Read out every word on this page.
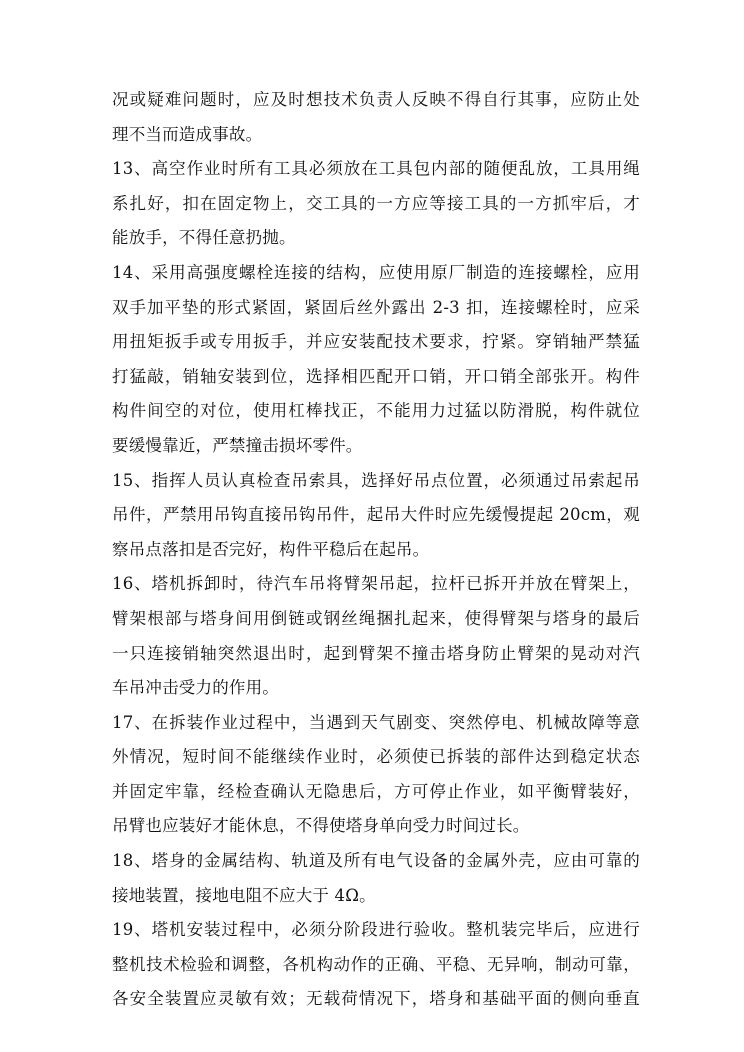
况或疑难问题时，应及时想技术负责人反映不得自行其事，应防止处
理不当而造成事故。
13、高空作业时所有工具必须放在工具包内部的随便乱放，工具用绳
系扎好，扣在固定物上，交工具的一方应等接工具的一方抓牢后，才
能放手，不得任意扔抛。
14、采用高强度螺栓连接的结构，应使用原厂制造的连接螺栓，应用
双手加平垫的形式紧固，紧固后丝外露出 2-3 扣，连接螺栓时，应采
用扭矩扳手或专用扳手，并应安装配技术要求，拧紧。穿销轴严禁猛
打猛敲，销轴安装到位，选择相匹配开口销，开口销全部张开。构件
构件间空的对位，使用杠棒找正，不能用力过猛以防滑脱，构件就位
要缓慢靠近，严禁撞击损坏零件。
15、指挥人员认真检查吊索具，选择好吊点位置，必须通过吊索起吊
吊件，严禁用吊钩直接吊钩吊件，起吊大件时应先缓慢提起 20cm，观
察吊点落扣是否完好，构件平稳后在起吊。
16、塔机拆卸时，待汽车吊将臂架吊起，拉杆已拆开并放在臂架上，
臂架根部与塔身间用倒链或钢丝绳捆扎起来，使得臂架与塔身的最后
一只连接销轴突然退出时，起到臂架不撞击塔身防止臂架的晃动对汽
车吊冲击受力的作用。
17、在拆装作业过程中，当遇到天气剧变、突然停电、机械故障等意
外情况，短时间不能继续作业时，必须使已拆装的部件达到稳定状态
并固定牢靠，经检查确认无隐患后，方可停止作业，如平衡臂装好，
吊臂也应装好才能休息，不得使塔身单向受力时间过长。
18、塔身的金属结构、轨道及所有电气设备的金属外壳，应由可靠的
接地装置，接地电阻不应大于 4Ω。
19、塔机安装过程中，必须分阶段进行验收。整机装完毕后，应进行
整机技术检验和调整，各机构动作的正确、平稳、无异响，制动可靠，
各安全装置应灵敏有效；无载荷情况下，塔身和基础平面的侧向垂直
